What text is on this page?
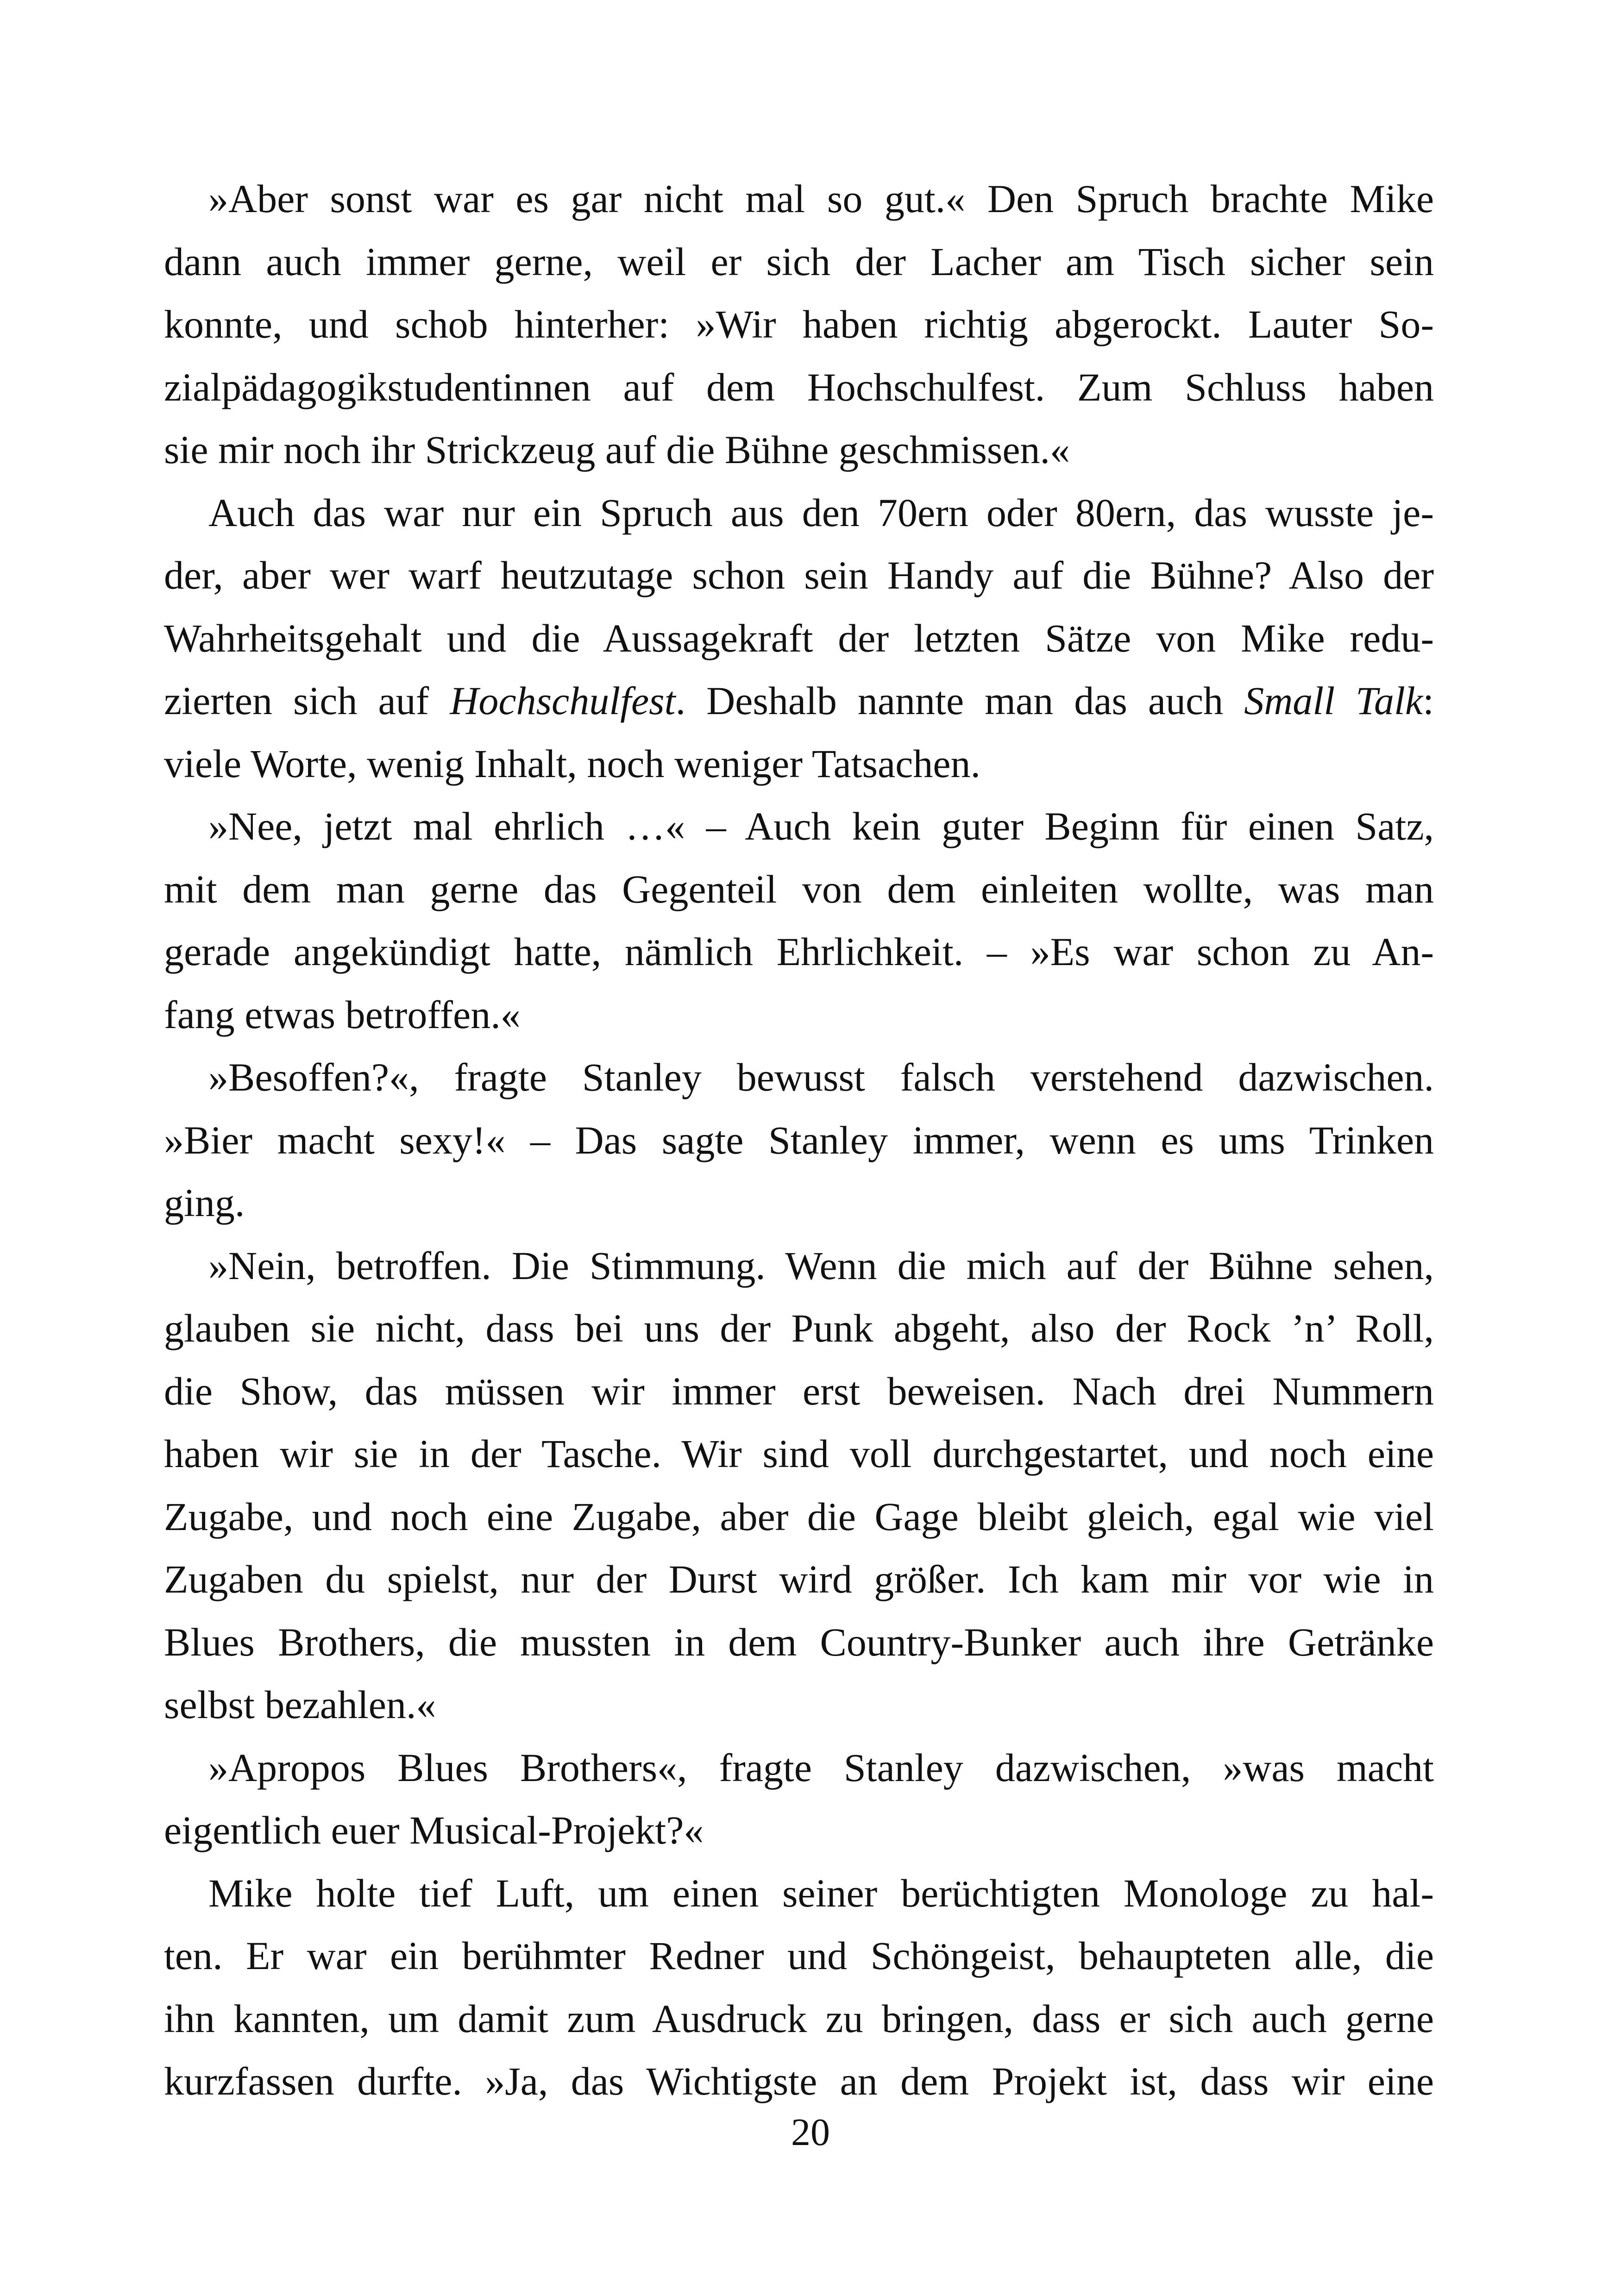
»Aber sonst war es gar nicht mal so gut.« Den Spruch brachte Mike
dann auch immer gerne, weil er sich der Lacher am Tisch sicher sein
konnte, und schob hinterher: »Wir haben richtig abgerockt. Lauter So-
zialpädagogikstudentinnen auf dem Hochschulfest. Zum Schluss haben
sie mir noch ihr Strickzeug auf die Bühne geschmissen.«
Auch das war nur ein Spruch aus den 70ern oder 80ern, das wusste je-
der, aber wer warf heutzutage schon sein Handy auf die Bühne? Also der
Wahrheitsgehalt und die Aussagekraft der letzten Sätze von Mike redu-
zierten sich auf Hochschulfest. Deshalb nannte man das auch Small Talk:
viele Worte, wenig Inhalt, noch weniger Tatsachen.
»Nee, jetzt mal ehrlich …« – Auch kein guter Beginn für einen Satz,
mit dem man gerne das Gegenteil von dem einleiten wollte, was man
gerade angekündigt hatte, nämlich Ehrlichkeit. – »Es war schon zu An-
fang etwas betroffen.«
»Besoffen?«, fragte Stanley bewusst falsch verstehend dazwischen.
»Bier macht sexy!« – Das sagte Stanley immer, wenn es ums Trinken
ging.
»Nein, betroffen. Die Stimmung. Wenn die mich auf der Bühne sehen,
glauben sie nicht, dass bei uns der Punk abgeht, also der Rock ’n’ Roll,
die Show, das müssen wir immer erst beweisen. Nach drei Nummern
haben wir sie in der Tasche. Wir sind voll durchgestartet, und noch eine
Zugabe, und noch eine Zugabe, aber die Gage bleibt gleich, egal wie viel
Zugaben du spielst, nur der Durst wird größer. Ich kam mir vor wie in
Blues Brothers, die mussten in dem Country-Bunker auch ihre Getränke
selbst bezahlen.«
»Apropos Blues Brothers«, fragte Stanley dazwischen, »was macht
eigentlich euer Musical-Projekt?«
Mike holte tief Luft, um einen seiner berüchtigten Monologe zu hal-
ten. Er war ein berühmter Redner und Schöngeist, behaupteten alle, die
ihn kannten, um damit zum Ausdruck zu bringen, dass er sich auch gerne
kurzfassen durfte. »Ja, das Wichtigste an dem Projekt ist, dass wir eine
20
